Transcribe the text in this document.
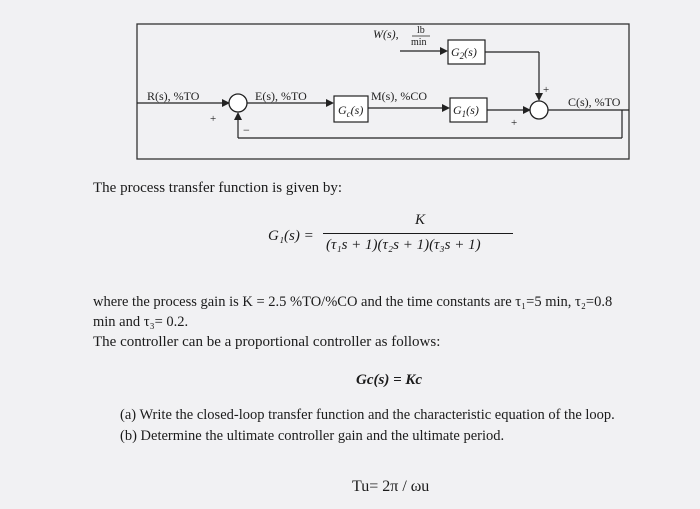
R(s), %TO	E(s), %TO
$G_c(s)$
M(s), %CO
$G_1(s)$
$G_2(s)$
W(s), lb
min
C(s), %TO
+
−
+
+
The process transfer function is given by:
G₁(s) =
K
(τ₁s + 1)(τ₂s + 1)(τ₃s + 1)
where the process gain is K = 2.5 %TO/%CO and the time constants are τ₁=5 min, τ₂=0.8
min and τ₃= 0.2.
The controller can be a proportional controller as follows:
Gc(s) = Kc
(a) Write the closed-loop transfer function and the characteristic equation of the loop.
(b) Determine the ultimate controller gain and the ultimate period.
Tu= 2π / ωu
